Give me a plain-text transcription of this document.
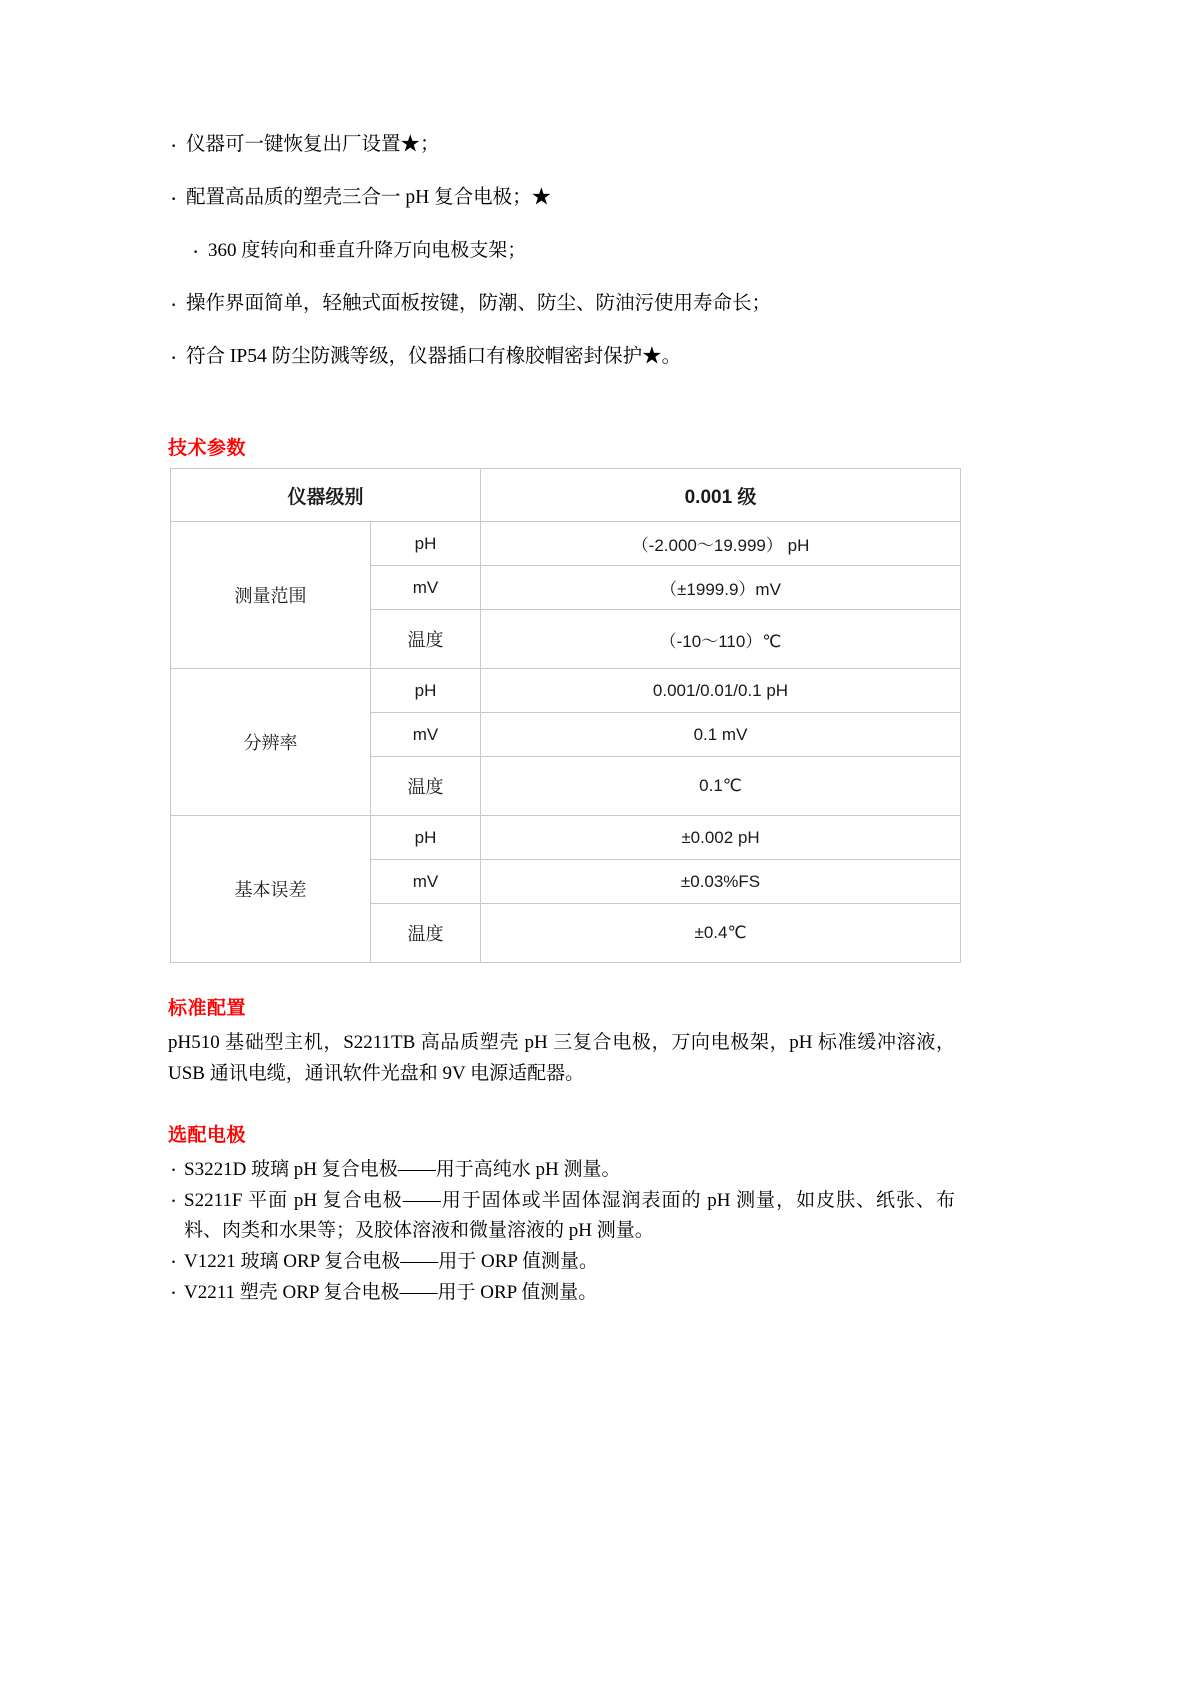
· 仪器可一键恢复出厂设置★；
· 配置高品质的塑壳三合一 pH 复合电极；★
· 360 度转向和垂直升降万向电极支架；
· 操作界面简单，轻触式面板按键，防潮、防尘、防油污使用寿命长；
· 符合 IP54 防尘防溅等级，仪器插口有橡胶帽密封保护★。
技术参数
仪器级别		0.001 级
测量范围	pH	（-2.000～19.999） pH
	mV	（±1999.9）mV
	温度	（-10～110）℃
分辨率	pH	0.001/0.01/0.1 pH
	mV	0.1 mV
	温度	0.1℃
基本误差	pH	±0.002 pH
	mV	±0.03%FS
	温度	±0.4℃
标准配置

pH510 基础型主机，S2211TB 高品质塑壳 pH 三复合电极，万向电极架，pH 标准缓冲溶液，USB 通讯电缆，通讯软件光盘和 9V 电源适配器。

选配电极
· S3221D 玻璃 pH 复合电极——用于高纯水 pH 测量。
· S2211F 平面 pH 复合电极——用于固体或半固体湿润表面的 pH 测量，如皮肤、纸张、布料、肉类和水果等；及胶体溶液和微量溶液的 pH 测量。
· V1221 玻璃 ORP 复合电极——用于 ORP 值测量。
· V2211 塑壳 ORP 复合电极——用于 ORP 值测量。
